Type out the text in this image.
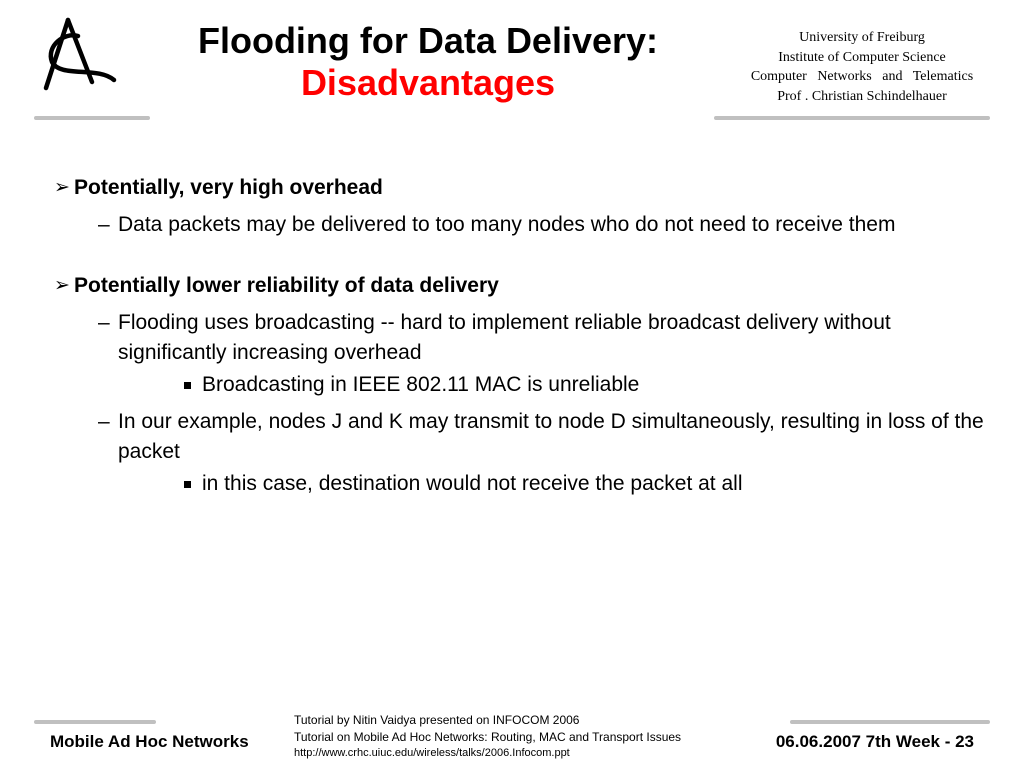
Flooding for Data Delivery:
Disadvantages
University of Freiburg
Institute of Computer Science
Computer   Networks   and   Telematics
Prof . Christian Schindelhauer
➢ Potentially, very high overhead
– Data packets may be delivered to too many nodes who do not need to receive them
➢ Potentially lower reliability of data delivery
– Flooding uses broadcasting -- hard to implement reliable broadcast delivery without significantly increasing overhead
Broadcasting in IEEE 802.11 MAC is unreliable
– In our example, nodes J and K may transmit to node D simultaneously, resulting in loss of the packet
in this case, destination would not receive the packet at all
Mobile Ad Hoc Networks
Tutorial by Nitin Vaidya presented on INFOCOM 2006
Tutorial on Mobile Ad Hoc Networks: Routing, MAC and Transport Issues
http://www.crhc.uiuc.edu/wireless/talks/2006.Infocom.ppt
06.06.2007 7th Week - 23
